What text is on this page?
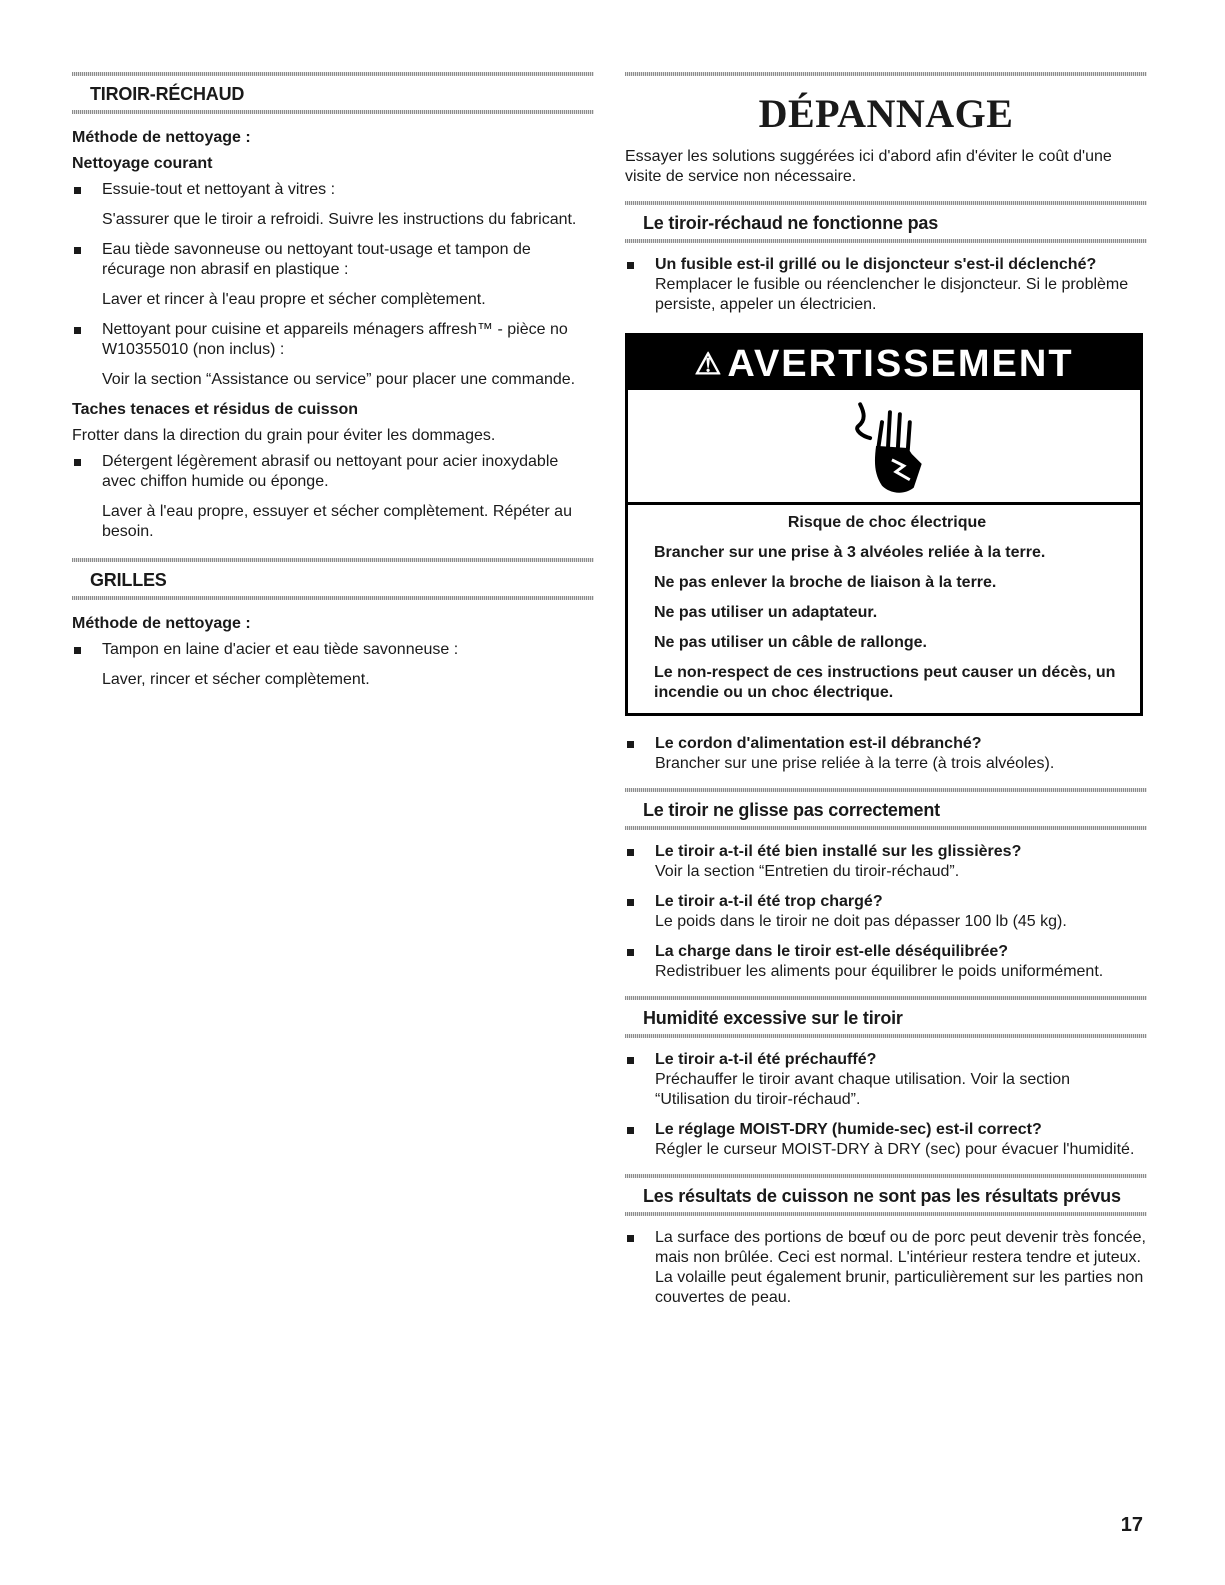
TIROIR-RÉCHAUD

Méthode de nettoyage :

Nettoyage courant

Essuie-tout et nettoyant à vitres :
S'assurer que le tiroir a refroidi. Suivre les instructions du fabricant.
Eau tiède savonneuse ou nettoyant tout-usage et tampon de récurage non abrasif en plastique :
Laver et rincer à l'eau propre et sécher complètement.
Nettoyant pour cuisine et appareils ménagers affresh™ - pièce no W10355010 (non inclus) :
Voir la section “Assistance ou service” pour placer une commande.

Taches tenaces et résidus de cuisson

Frotter dans la direction du grain pour éviter les dommages.

Détergent légèrement abrasif ou nettoyant pour acier inoxydable avec chiffon humide ou éponge.
Laver à l'eau propre, essuyer et sécher complètement. Répéter au besoin.
GRILLES

Méthode de nettoyage :

Tampon en laine d'acier et eau tiède savonneuse :
Laver, rincer et sécher complètement.
DÉPANNAGE

Essayer les solutions suggérées ici d'abord afin d'éviter le coût d'une visite de service non nécessaire.

Le tiroir-réchaud ne fonctionne pas
Un fusible est-il grillé ou le disjoncteur s'est-il déclenché?
Remplacer le fusible ou réenclencher le disjoncteur. Si le problème persiste, appeler un électricien.
⚠ AVERTISSEMENT
Risque de choc électrique
Brancher sur une prise à 3 alvéoles reliée à la terre.
Ne pas enlever la broche de liaison à la terre.
Ne pas utiliser un adaptateur.
Ne pas utiliser un câble de rallonge.
Le non-respect de ces instructions peut causer un décès, un incendie ou un choc électrique.
Le cordon d'alimentation est-il débranché?
Brancher sur une prise reliée à la terre (à trois alvéoles).
Le tiroir ne glisse pas correctement
Le tiroir a-t-il été bien installé sur les glissières?
Voir la section “Entretien du tiroir-réchaud”.
Le tiroir a-t-il été trop chargé?
Le poids dans le tiroir ne doit pas dépasser 100 lb (45 kg).
La charge dans le tiroir est-elle déséquilibrée?
Redistribuer les aliments pour équilibrer le poids uniformément.
Humidité excessive sur le tiroir
Le tiroir a-t-il été préchauffé?
Préchauffer le tiroir avant chaque utilisation. Voir la section “Utilisation du tiroir-réchaud”.
Le réglage MOIST-DRY (humide-sec) est-il correct?
Régler le curseur MOIST-DRY à DRY (sec) pour évacuer l'humidité.
Les résultats de cuisson ne sont pas les résultats prévus
La surface des portions de bœuf ou de porc peut devenir très foncée, mais non brûlée. Ceci est normal. L'intérieur restera tendre et juteux. La volaille peut également brunir, particulièrement sur les parties non couvertes de peau.
17
